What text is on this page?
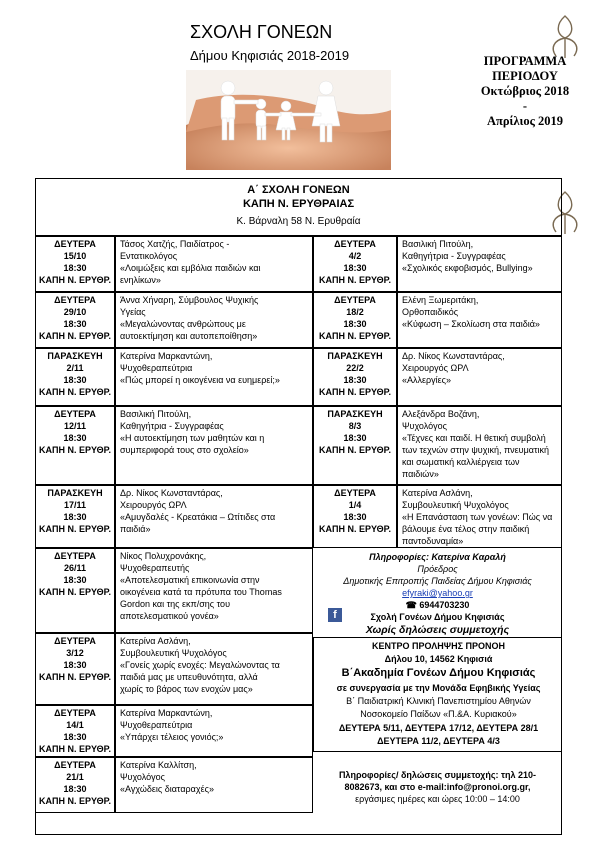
ΣΧΟΛΗ ΓΟΝΕΩΝ
Δήμου Κηφισιάς 2018-2019	ΠΡΟΓΡΑΜΜΑ
ΠΕΡΙΟΔΟΥ
Οκτώβριος 2018
-
Απρίλιος 2019
Α΄ ΣΧΟΛΗ ΓΟΝΕΩΝ
ΚΑΠΗ Ν. ΕΡΥΘΡΑΙΑΣ
Κ. Βάρναλη 58 Ν. Ερυθραία
ΔΕΥΤΕΡΑ
15/10
18:30
ΚΑΠΗ Ν. ΕΡΥΘΡ.
Τάσος Χατζής, Παιδίατρος -
Εντατικολόγος
«Λοιμώξεις και εμβόλια παιδιών και
ενηλίκων»
ΔΕΥΤΕΡΑ
29/10
18:30
ΚΑΠΗ Ν. ΕΡΥΘΡ.
Άννα Χήναρη, Σύμβουλος Ψυχικής
Υγείας
«Μεγαλώνοντας ανθρώπους με
αυτοεκτίμηση και αυτοπεποίθηση»
ΠΑΡΑΣΚΕΥΗ
2/11
18:30
ΚΑΠΗ Ν. ΕΡΥΘΡ.
Κατερίνα Μαρκαντώνη,
Ψυχοθεραπεύτρια
«Πώς μπορεί η οικογένεια να ευημερεί;»
ΔΕΥΤΕΡΑ
12/11
18:30
ΚΑΠΗ Ν. ΕΡΥΘΡ.
Βασιλική Πιτούλη,
Καθηγήτρια - Συγγραφέας
«Η αυτοεκτίμηση των μαθητών και η
συμπεριφορά τους στο σχολείο»
ΠΑΡΑΣΚΕΥΗ
17/11
18:30
ΚΑΠΗ Ν. ΕΡΥΘΡ.
Δρ. Νίκος Κωνσταντάρας,
Χειρουργός ΩΡΛ
«Αμυγδαλές - Κρεατάκια – Ωτίτιδες στα
παιδιά»
ΔΕΥΤΕΡΑ
26/11
18:30
ΚΑΠΗ Ν. ΕΡΥΘΡ.
Νίκος Πολυχρονάκης,
Ψυχοθεραπευτής
«Αποτελεσματική επικοινωνία στην
οικογένεια κατά τα πρότυπα του Thomas
Gordon και της εκπ/σης του
αποτελεσματικού γονέα»
ΔΕΥΤΕΡΑ
3/12
18:30
ΚΑΠΗ Ν. ΕΡΥΘΡ.
Κατερίνα Ασλάνη,
Συμβουλευτική Ψυχολόγος
«Γονείς χωρίς ενοχές: Μεγαλώνοντας τα
παιδιά μας με υπευθυνότητα, αλλά
χωρίς το βάρος των ενοχών μας»
ΔΕΥΤΕΡΑ
14/1
18:30
ΚΑΠΗ Ν. ΕΡΥΘΡ.
Κατερίνα Μαρκαντώνη,
Ψυχοθεραπεύτρια
«Υπάρχει τέλειος γονιός;»
ΔΕΥΤΕΡΑ
21/1
18:30
ΚΑΠΗ Ν. ΕΡΥΘΡ.
Κατερίνα Καλλίτση,
Ψυχολόγος
«Αγχώδεις διαταραχές»
ΔΕΥΤΕΡΑ
4/2
18:30
ΚΑΠΗ Ν. ΕΡΥΘΡ.
Βασιλική Πιτούλη,
Καθηγήτρια - Συγγραφέας
«Σχολικός εκφοβισμός, Bullying»
ΔΕΥΤΕΡΑ
18/2
18:30
ΚΑΠΗ Ν. ΕΡΥΘΡ.
Ελένη Ξωμεριτάκη,
Ορθοπαιδικός
«Κύφωση – Σκολίωση στα παιδιά»
ΠΑΡΑΣΚΕΥΗ
22/2
18:30
ΚΑΠΗ Ν. ΕΡΥΘΡ.
Δρ. Νίκος Κωνσταντάρας,
Χειρουργός ΩΡΛ
«Αλλεργίες»
ΠΑΡΑΣΚΕΥΗ
8/3
18:30
ΚΑΠΗ Ν. ΕΡΥΘΡ.
Αλεξάνδρα Βοζάνη,
Ψυχολόγος
«Τέχνες και παιδί. Η θετική συμβολή
των τεχνών στην ψυχική, πνευματική
και σωματική καλλιέργεια των
παιδιών»
ΔΕΥΤΕΡΑ
1/4
18:30
ΚΑΠΗ Ν. ΕΡΥΘΡ.
Κατερίνα Ασλάνη,
Συμβουλευτική Ψυχολόγος
«Η Επανάσταση των γονέων: Πώς να
βάλουμε ένα τέλος στην παιδική
παντοδυναμία»
Πληροφορίες: Κατερίνα Καραλή
Πρόεδρος
Δημοτικής Επιτροπής Παιδείας Δήμου Κηφισιάς
efyraki@yahoo.gr
☎ 6944703230
f	Σχολή Γονέων Δήμου Κηφισιάς
Χωρίς δηλώσεις συμμετοχής
ΚΕΝΤΡΟ ΠΡΟΛΗΨΗΣ ΠΡΟΝΟΗ
Δήλου 10, 14562 Κηφισιά
Β΄Ακαδημία Γονέων Δήμου Κηφισιάς
σε συνεργασία με την Μονάδα Εφηβικής Υγείας
Β΄ Παιδιατρική Κλινική Πανεπιστημίου Αθηνών
Νοσοκομείο Παίδων «Π.&Α. Κυριακού»
ΔΕΥΤΕΡΑ 5/11, ΔΕΥΤΕΡΑ 17/12, ΔΕΥΤΕΡΑ 28/1
ΔΕΥΤΕΡΑ 11/2, ΔΕΥΤΕΡΑ 4/3
Πληροφορίες/ δηλώσεις συμμετοχής: τηλ 210-
8082673, και στο e-mail:info@pronoi.org.gr,
εργάσιμες ημέρες και ώρες 10:00 – 14:00
